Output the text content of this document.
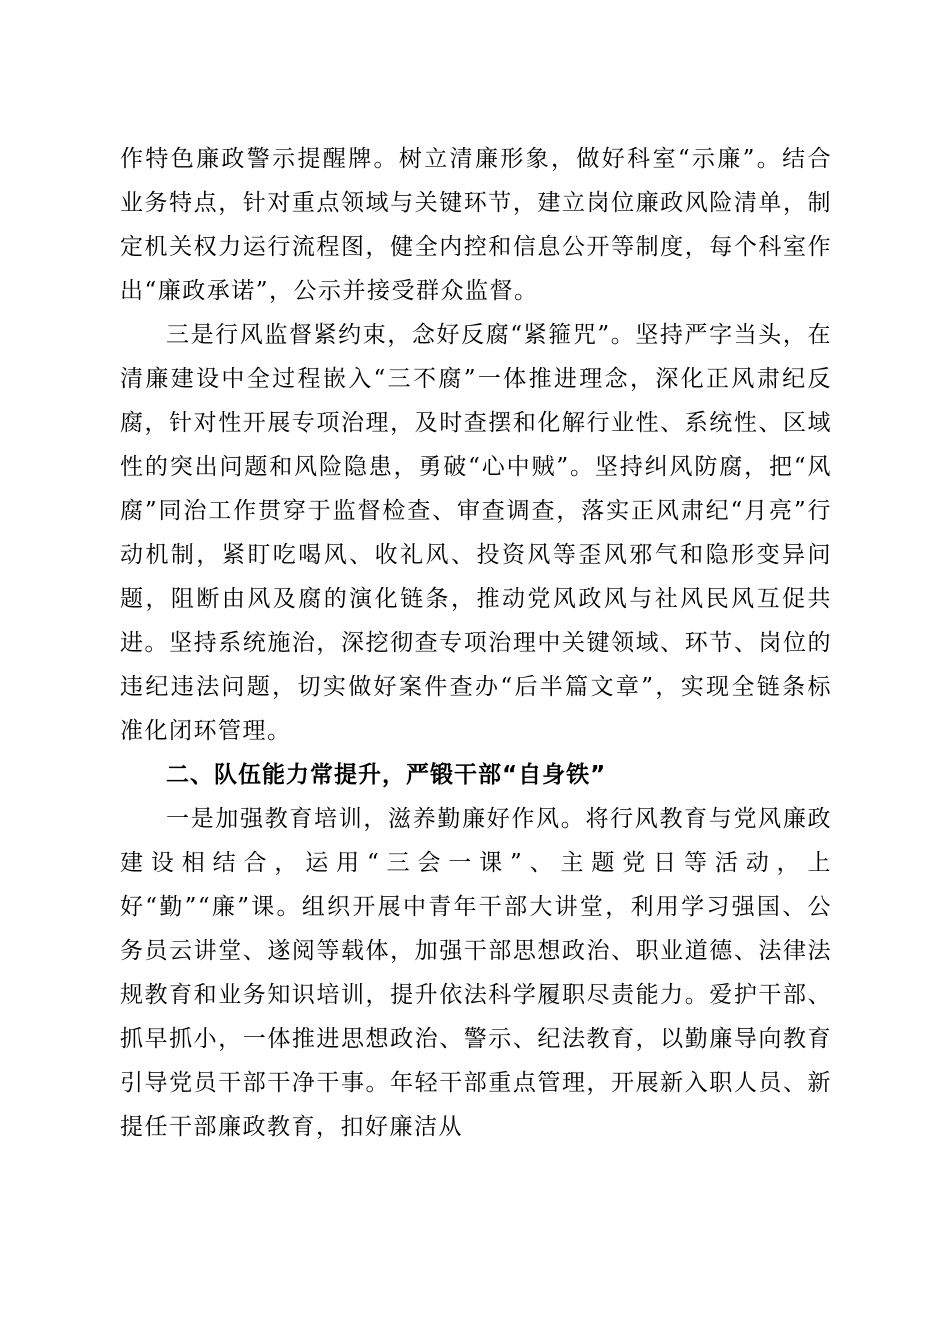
作特色廉政警示提醒牌。树立清廉形象，做好科室“示廉”。结合业务特点，针对重点领域与关键环节，建立岗位廉政风险清单，制定机关权力运行流程图，健全内控和信息公开等制度，每个科室作出“廉政承诺”，公示并接受群众监督。

三是行风监督紧约束，念好反腐“紧箍咒”。坚持严字当头，在清廉建设中全过程嵌入“三不腐”一体推进理念，深化正风肃纪反腐，针对性开展专项治理，及时查摆和化解行业性、系统性、区域性的突出问题和风险隐患，勇破“心中贼”。坚持纠风防腐，把“风腐”同治工作贯穿于监督检查、审查调查，落实正风肃纪“月亮”行动机制，紧盯吃喝风、收礼风、投资风等歪风邪气和隐形变异问题，阻断由风及腐的演化链条，推动党风政风与社风民风互促共进。坚持系统施治，深挖彻查专项治理中关键领域、环节、岗位的违纪违法问题，切实做好案件查办“后半篇文章”，实现全链条标准化闭环管理。

二、队伍能力常提升，严锻干部“自身铁”

一是加强教育培训，滋养勤廉好作风。将行风教育与党风廉政建设相结合，运用“三会一课”、主题党日等活动，上好“勤”“廉”课。组织开展中青年干部大讲堂，利用学习强国、公务员云讲堂、遂阅等载体，加强干部思想政治、职业道德、法律法规教育和业务知识培训，提升依法科学履职尽责能力。爱护干部、抓早抓小，一体推进思想政治、警示、纪法教育，以勤廉导向教育引导党员干部干净干事。年轻干部重点管理，开展新入职人员、新提任干部廉政教育，扣好廉洁从
